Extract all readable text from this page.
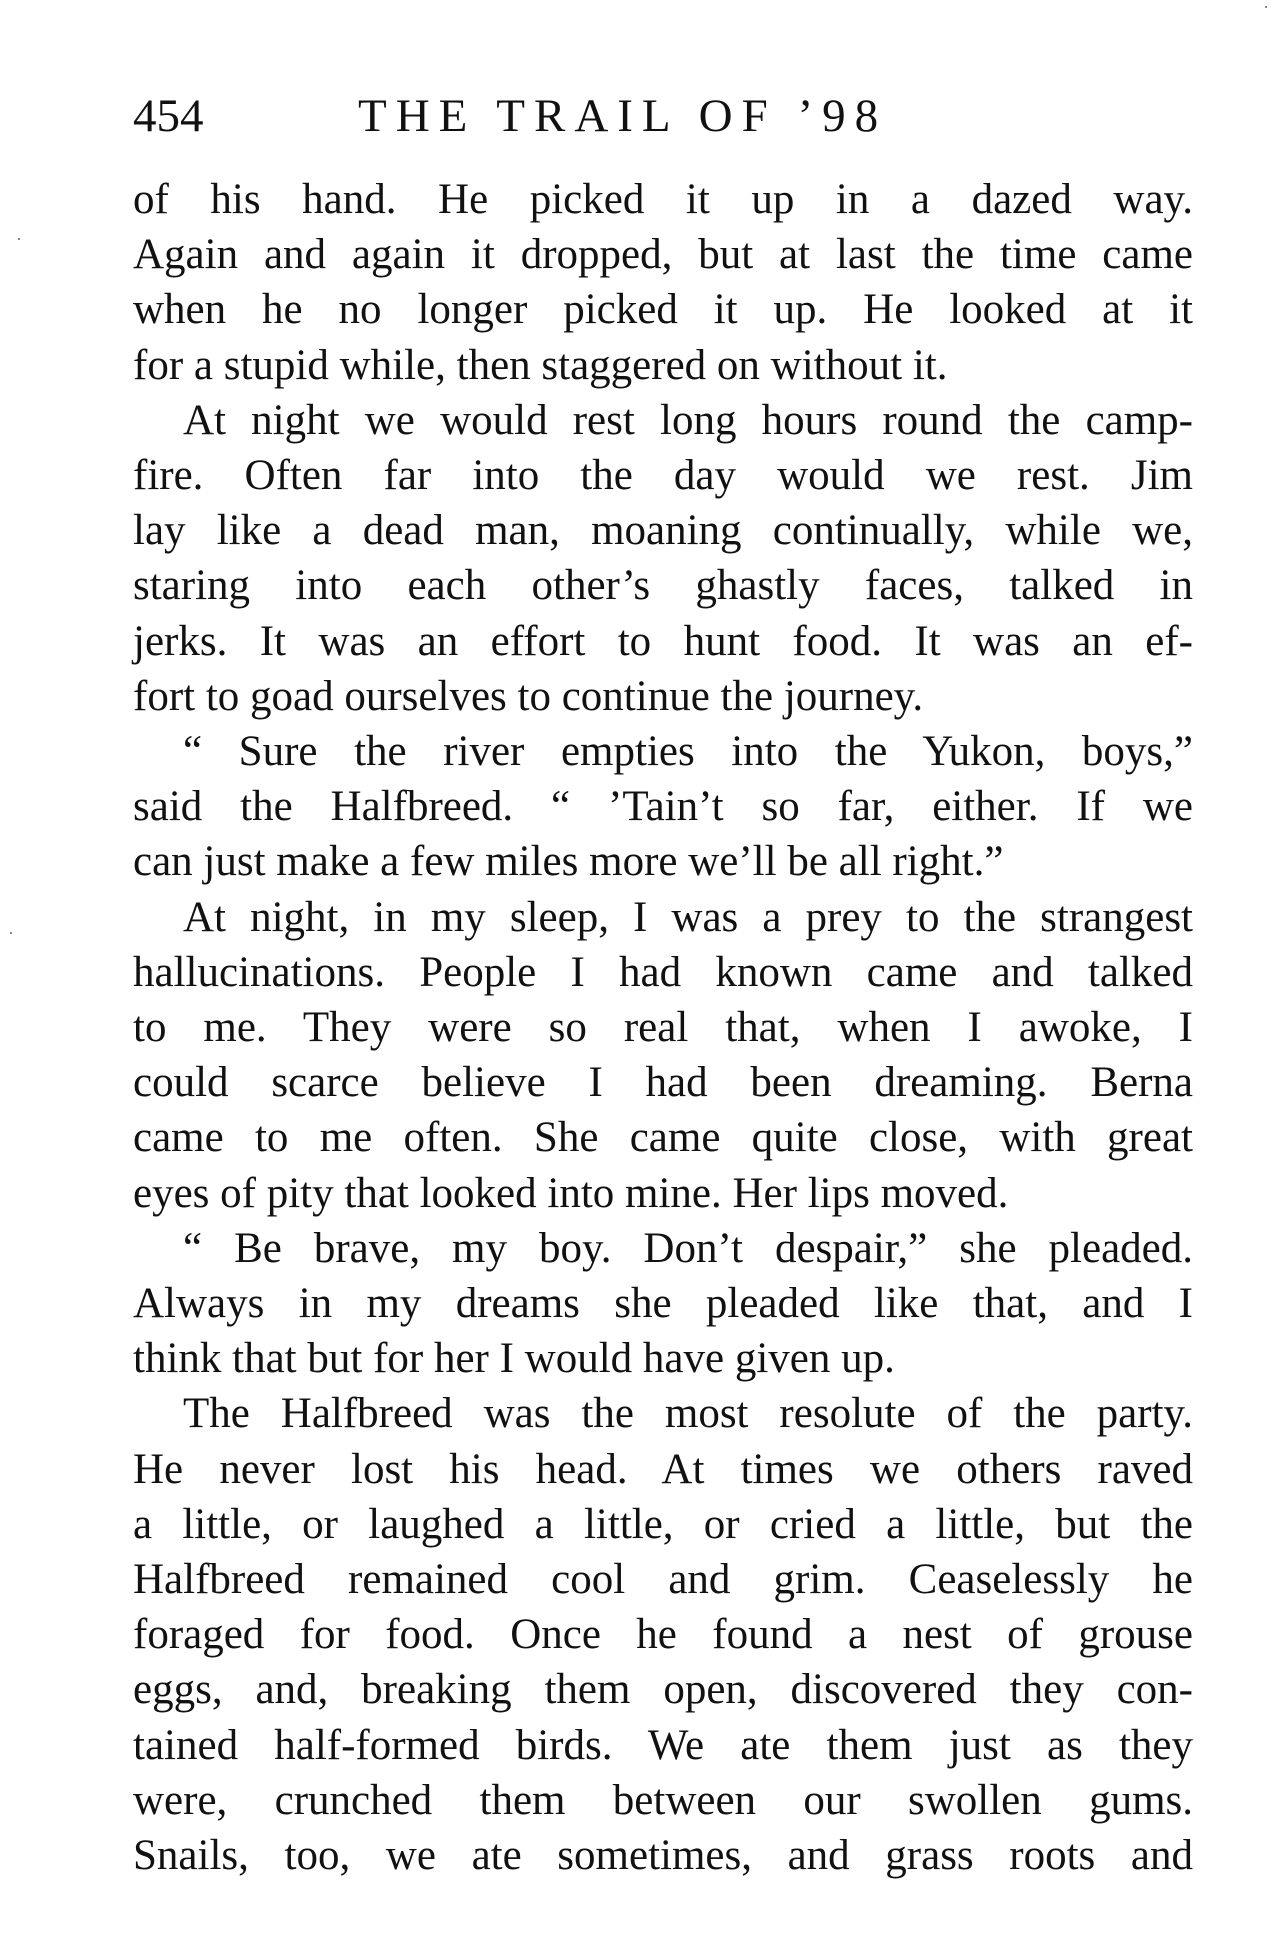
454	THE TRAIL OF ’98

of his hand. He picked it up in a dazed way.
Again and again it dropped, but at last the time came
when he no longer picked it up. He looked at it
for a stupid while, then staggered on without it.

At night we would rest long hours round the camp-
fire. Often far into the day would we rest. Jim
lay like a dead man, moaning continually, while we,
staring into each other’s ghastly faces, talked in
jerks. It was an effort to hunt food. It was an ef-
fort to goad ourselves to continue the journey.

“ Sure the river empties into the Yukon, boys,”
said the Halfbreed. “ ’Tain’t so far, either. If we
can just make a few miles more we’ll be all right.”

At night, in my sleep, I was a prey to the strangest
hallucinations. People I had known came and talked
to me. They were so real that, when I awoke, I
could scarce believe I had been dreaming. Berna
came to me often. She came quite close, with great
eyes of pity that looked into mine. Her lips moved.

“ Be brave, my boy. Don’t despair,” she pleaded.
Always in my dreams she pleaded like that, and I
think that but for her I would have given up.

The Halfbreed was the most resolute of the party.
He never lost his head. At times we others raved
a little, or laughed a little, or cried a little, but the
Halfbreed remained cool and grim. Ceaselessly he
foraged for food. Once he found a nest of grouse
eggs, and, breaking them open, discovered they con-
tained half-formed birds. We ate them just as they
were, crunched them between our swollen gums.
Snails, too, we ate sometimes, and grass roots and
